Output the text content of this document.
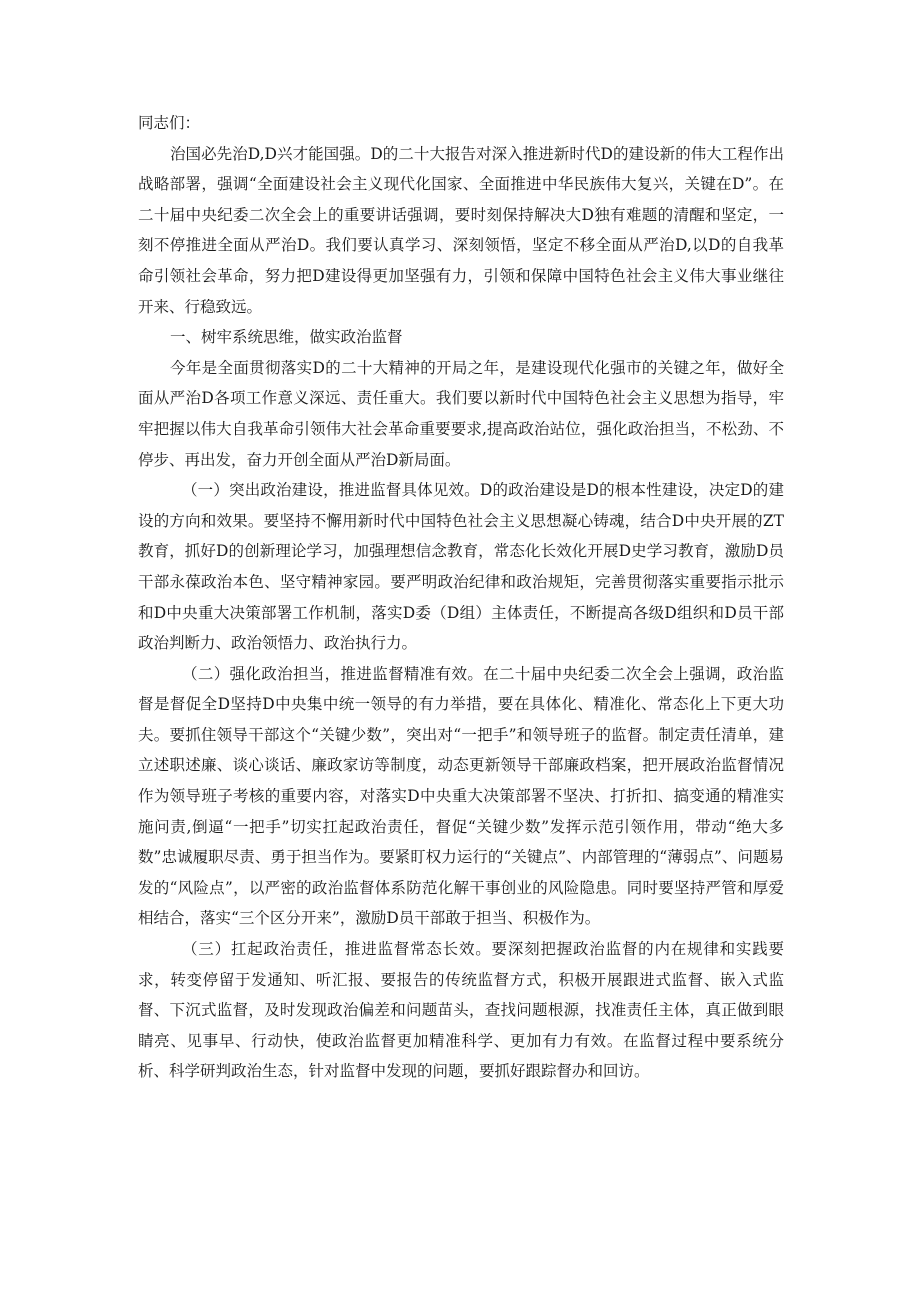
同志们：

治国必先治D,D兴才能国强。D的二十大报告对深入推进新时代D的建设新的伟大工程作出战略部署，强调“全面建设社会主义现代化国家、全面推进中华民族伟大复兴，关键在D”。在二十届中央纪委二次全会上的重要讲话强调，要时刻保持解决大D独有难题的清醒和坚定，一刻不停推进全面从严治D。我们要认真学习、深刻领悟，坚定不移全面从严治D,以D的自我革命引领社会革命，努力把D建设得更加坚强有力，引领和保障中国特色社会主义伟大事业继往开来、行稳致远。

一、树牢系统思维，做实政治监督

今年是全面贯彻落实D的二十大精神的开局之年，是建设现代化强市的关键之年，做好全面从严治D各项工作意义深远、责任重大。我们要以新时代中国特色社会主义思想为指导，牢牢把握以伟大自我革命引领伟大社会革命重要要求,提高政治站位，强化政治担当，不松劲、不停步、再出发，奋力开创全面从严治D新局面。

（一）突出政治建设，推进监督具体见效。D的政治建设是D的根本性建设，决定D的建设的方向和效果。要坚持不懈用新时代中国特色社会主义思想凝心铸魂，结合D中央开展的ZT教育，抓好D的创新理论学习，加强理想信念教育，常态化长效化开展D史学习教育，激励D员干部永葆政治本色、坚守精神家园。要严明政治纪律和政治规矩，完善贯彻落实重要指示批示和D中央重大决策部署工作机制，落实D委（D组）主体责任，不断提高各级D组织和D员干部政治判断力、政治领悟力、政治执行力。

（二）强化政治担当，推进监督精准有效。在二十届中央纪委二次全会上强调，政治监督是督促全D坚持D中央集中统一领导的有力举措，要在具体化、精准化、常态化上下更大功夫。要抓住领导干部这个“关键少数”，突出对“一把手”和领导班子的监督。制定责任清单，建立述职述廉、谈心谈话、廉政家访等制度，动态更新领导干部廉政档案，把开展政治监督情况作为领导班子考核的重要内容，对落实D中央重大决策部署不坚决、打折扣、搞变通的精准实施问责,倒逼“一把手”切实扛起政治责任，督促“关键少数”发挥示范引领作用，带动“绝大多数”忠诚履职尽责、勇于担当作为。要紧盯权力运行的“关键点”、内部管理的“薄弱点”、问题易发的“风险点”，以严密的政治监督体系防范化解干事创业的风险隐患。同时要坚持严管和厚爱相结合，落实“三个区分开来”，激励D员干部敢于担当、积极作为。

（三）扛起政治责任，推进监督常态长效。要深刻把握政治监督的内在规律和实践要求，转变停留于发通知、听汇报、要报告的传统监督方式，积极开展跟进式监督、嵌入式监督、下沉式监督，及时发现政治偏差和问题苗头，查找问题根源，找准责任主体，真正做到眼睛亮、见事早、行动快，使政治监督更加精准科学、更加有力有效。在监督过程中要系统分析、科学研判政治生态，针对监督中发现的问题，要抓好跟踪督办和回访。
